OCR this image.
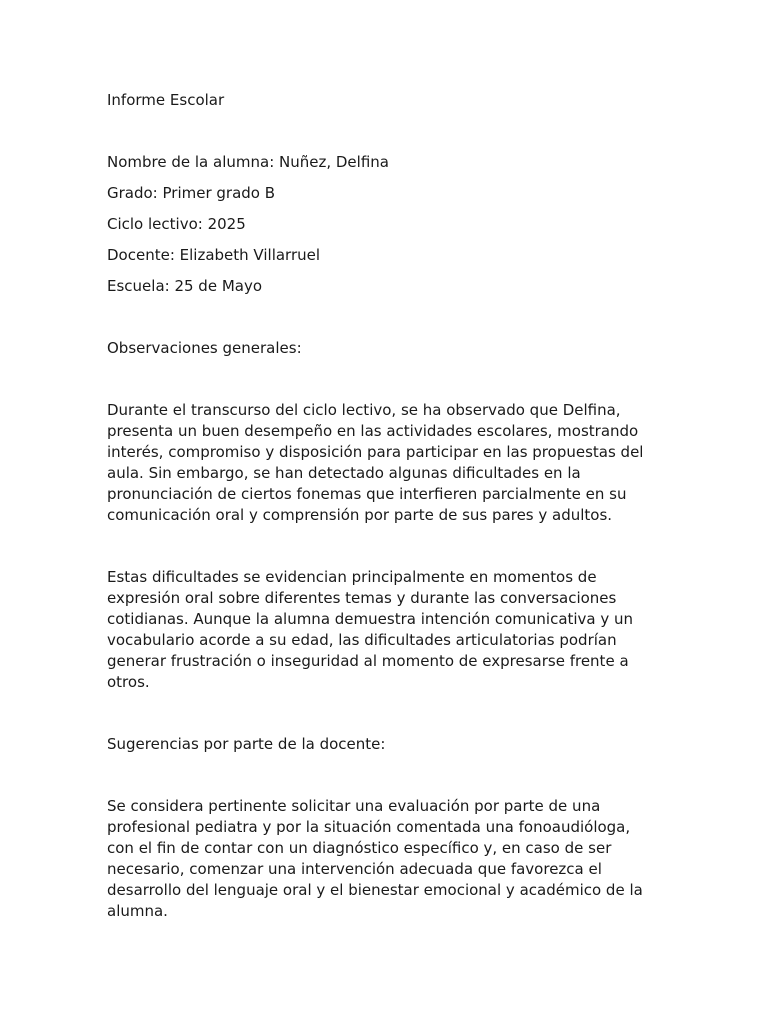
Informe Escolar

Nombre de la alumna: Nuñez, Delfina

Grado: Primer grado B

Ciclo lectivo: 2025

Docente: Elizabeth Villarruel

Escuela: 25 de Mayo

Observaciones generales:

Durante el transcurso del ciclo lectivo, se ha observado que Delfina,
presenta un buen desempeño en las actividades escolares, mostrando
interés, compromiso y disposición para participar en las propuestas del
aula. Sin embargo, se han detectado algunas dificultades en la
pronunciación de ciertos fonemas que interfieren parcialmente en su
comunicación oral y comprensión por parte de sus pares y adultos.
Estas dificultades se evidencian principalmente en momentos de
expresión oral sobre diferentes temas y durante las conversaciones
cotidianas. Aunque la alumna demuestra intención comunicativa y un
vocabulario acorde a su edad, las dificultades articulatorias podrían
generar frustración o inseguridad al momento de expresarse frente a
otros.

Sugerencias por parte de la docente:

Se considera pertinente solicitar una evaluación por parte de una
profesional pediatra y por la situación comentada una fonoaudióloga,
con el fin de contar con un diagnóstico específico y, en caso de ser
necesario, comenzar una intervención adecuada que favorezca el
desarrollo del lenguaje oral y el bienestar emocional y académico de la
alumna.
